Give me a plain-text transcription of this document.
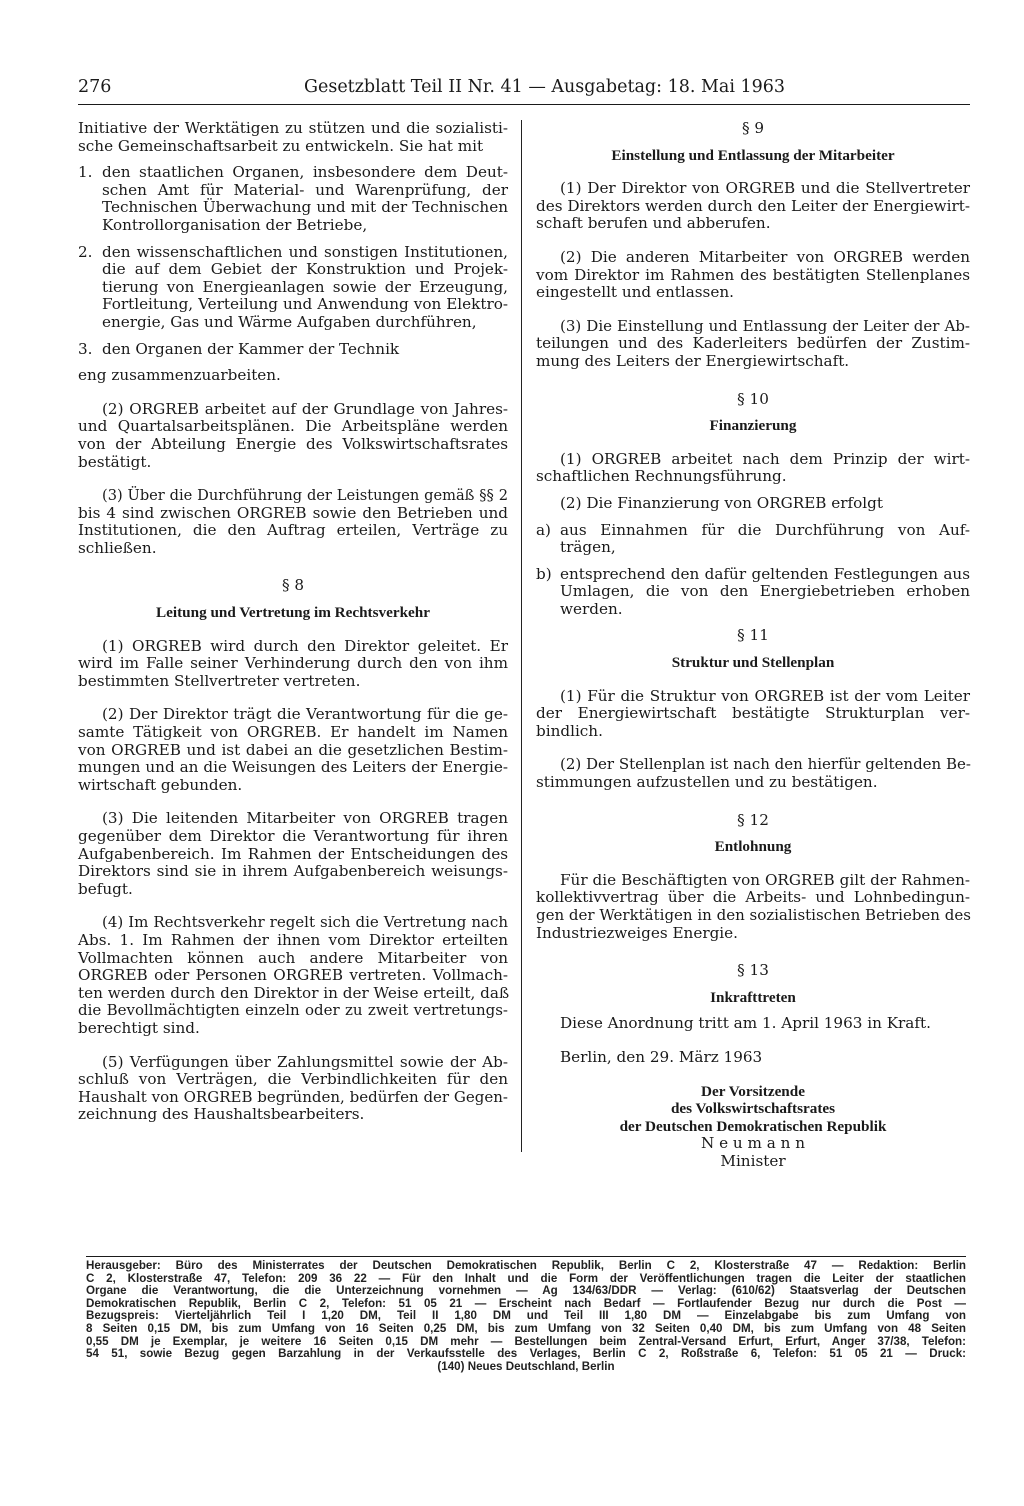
276	Gesetzblatt Teil II Nr. 41 — Ausgabetag: 18. Mai 1963

Initiative der Werktätigen zu stützen und die sozialisti-

sche Gemeinschaftsarbeit zu entwickeln. Sie hat mit

1. den staatlichen Organen, insbesondere dem Deut-

schen Amt für Material- und Warenprüfung, der

Technischen Überwachung und mit der Technischen

Kontrollorganisation der Betriebe,

2. den wissenschaftlichen und sonstigen Institutionen,

die auf dem Gebiet der Konstruktion und Projek-

tierung von Energieanlagen sowie der Erzeugung,

Fortleitung, Verteilung und Anwendung von Elektro-

energie, Gas und Wärme Aufgaben durchführen,

3. den Organen der Kammer der Technik

eng zusammenzuarbeiten.

(2) ORGREB arbeitet auf der Grundlage von Jahres-

und Quartalsarbeitsplänen. Die Arbeitspläne werden

von der Abteilung Energie des Volkswirtschaftsrates

bestätigt.

(3) Über die Durchführung der Leistungen gemäß §§ 2

bis 4 sind zwischen ORGREB sowie den Betrieben und

Institutionen, die den Auftrag erteilen, Verträge zu

schließen.

§ 8

Leitung und Vertretung im Rechtsverkehr

(1) ORGREB wird durch den Direktor geleitet. Er

wird im Falle seiner Verhinderung durch den von ihm

bestimmten Stellvertreter vertreten.

(2) Der Direktor trägt die Verantwortung für die ge-

samte Tätigkeit von ORGREB. Er handelt im Namen

von ORGREB und ist dabei an die gesetzlichen Bestim-

mungen und an die Weisungen des Leiters der Energie-

wirtschaft gebunden.

(3) Die leitenden Mitarbeiter von ORGREB tragen

gegenüber dem Direktor die Verantwortung für ihren

Aufgabenbereich. Im Rahmen der Entscheidungen des

Direktors sind sie in ihrem Aufgabenbereich weisungs-

befugt.

(4) Im Rechtsverkehr regelt sich die Vertretung nach

Abs. 1. Im Rahmen der ihnen vom Direktor erteilten

Vollmachten können auch andere Mitarbeiter von

ORGREB oder Personen ORGREB vertreten. Vollmach-

ten werden durch den Direktor in der Weise erteilt, daß

die Bevollmächtigten einzeln oder zu zweit vertretungs-

berechtigt sind.

(5) Verfügungen über Zahlungsmittel sowie der Ab-

schluß von Verträgen, die Verbindlichkeiten für den

Haushalt von ORGREB begründen, bedürfen der Gegen-

zeichnung des Haushaltsbearbeiters.

§ 9

Einstellung und Entlassung der Mitarbeiter

(1) Der Direktor von ORGREB und die Stellvertreter

des Direktors werden durch den Leiter der Energiewirt-

schaft berufen und abberufen.

(2) Die anderen Mitarbeiter von ORGREB werden

vom Direktor im Rahmen des bestätigten Stellenplanes

eingestellt und entlassen.

(3) Die Einstellung und Entlassung der Leiter der Ab-

teilungen und des Kaderleiters bedürfen der Zustim-

mung des Leiters der Energiewirtschaft.

§ 10

Finanzierung

(1) ORGREB arbeitet nach dem Prinzip der wirt-

schaftlichen Rechnungsführung.

(2) Die Finanzierung von ORGREB erfolgt

a) aus Einnahmen für die Durchführung von Auf-

trägen,

b) entsprechend den dafür geltenden Festlegungen aus

Umlagen, die von den Energiebetrieben erhoben

werden.

§ 11

Struktur und Stellenplan

(1) Für die Struktur von ORGREB ist der vom Leiter

der Energiewirtschaft bestätigte Strukturplan ver-

bindlich.

(2) Der Stellenplan ist nach den hierfür geltenden Be-

stimmungen aufzustellen und zu bestätigen.

§ 12

Entlohnung

Für die Beschäftigten von ORGREB gilt der Rahmen-

kollektivvertrag über die Arbeits- und Lohnbedingun-

gen der Werktätigen in den sozialistischen Betrieben des

Industriezweiges Energie.

§ 13

Inkrafttreten

Diese Anordnung tritt am 1. April 1963 in Kraft.

Berlin, den 29. März 1963

Der Vorsitzende

des Volkswirtschaftsrates

der Deutschen Demokratischen Republik

N e u m a n n

Minister

Herausgeber: Büro des Ministerrates der Deutschen Demokratischen Republik, Berlin C 2, Klosterstraße 47 — Redaktion: Berlin

C 2, Klosterstraße 47, Telefon: 209 36 22 — Für den Inhalt und die Form der Veröffentlichungen tragen die Leiter der staatlichen

Organe die Verantwortung, die die Unterzeichnung vornehmen — Ag 134/63/DDR — Verlag: (610/62) Staatsverlag der Deutschen

Demokratischen Republik, Berlin C 2, Telefon: 51 05 21 — Erscheint nach Bedarf — Fortlaufender Bezug nur durch die Post —

Bezugspreis: Vierteljährlich Teil I 1,20 DM, Teil II 1,80 DM und Teil III 1,80 DM — Einzelabgabe bis zum Umfang von

8 Seiten 0,15 DM, bis zum Umfang von 16 Seiten 0,25 DM, bis zum Umfang von 32 Seiten 0,40 DM, bis zum Umfang von 48 Seiten

0,55 DM je Exemplar, je weitere 16 Seiten 0,15 DM mehr — Bestellungen beim Zentral-Versand Erfurt, Erfurt, Anger 37/38, Telefon:

54 51, sowie Bezug gegen Barzahlung in der Verkaufsstelle des Verlages, Berlin C 2, Roßstraße 6, Telefon: 51 05 21 — Druck:

(140) Neues Deutschland, Berlin
